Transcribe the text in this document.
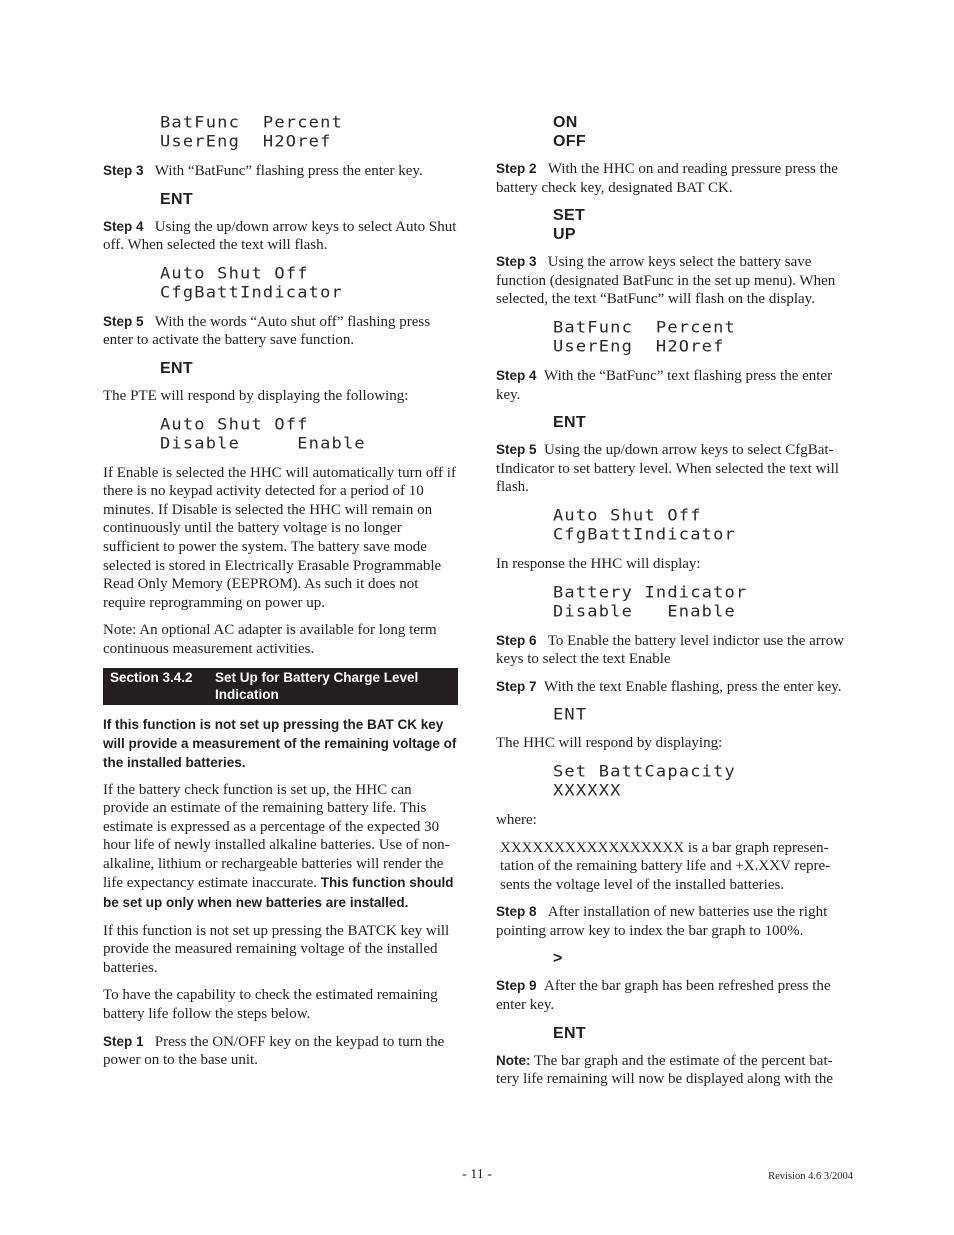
BatFunc  Percent
UserEng  H2Oref

Step 3 With “BatFunc” flashing press the enter key.

ENT

Step 4 Using the up/down arrow keys to select Auto Shut off. When selected the text will flash.

Auto Shut Off
CfgBattIndicator

Step 5 With the words “Auto shut off” flashing press enter to activate the battery save function.

ENT

The PTE will respond by displaying the following:

Auto Shut Off
Disable     Enable

If Enable is selected the HHC will automatically turn off if there is no keypad activity detected for a period of 10 minutes. If Disable is selected the HHC will remain on continuously until the battery voltage is no longer sufficient to power the system. The battery save mode selected is stored in Electrically Erasable Programmable Read Only Memory (EEPROM). As such it does not require reprogramming on power up.

Note: An optional AC adapter is available for long term continuous measurement activities.

Section 3.4.2	Set Up for Battery Charge Level Indication

If this function is not set up pressing the BAT CK key will provide a measurement of the remaining voltage of the installed batteries.

If the battery check function is set up, the HHC can provide an estimate of the remaining battery life. This estimate is expressed as a percentage of the expected 30 hour life of newly installed alkaline batteries. Use of non-alkaline, lithium or rechargeable batteries will render the life expectancy estimate inaccurate. This function should be set up only when new batteries are installed.

If this function is not set up pressing the BATCK key will provide the measured remaining voltage of the installed batteries.

To have the capability to check the estimated remaining battery life follow the steps below.

Step 1 Press the ON/OFF key on the keypad to turn the power on to the base unit.

ON
OFF

Step 2 With the HHC on and reading pressure press the battery check key, designated BAT CK.

SET
UP

Step 3 Using the arrow keys select the battery save function (designated BatFunc in the set up menu). When selected, the text “BatFunc” will flash on the display.

BatFunc  Percent
UserEng  H2Oref

Step 4 With the “BatFunc” text flashing press the enter key.

ENT

Step 5 Using the up/down arrow keys to select CfgBat-tIndicator to set battery level. When selected the text will flash.

Auto Shut Off
CfgBattIndicator

In response the HHC will display:

Battery Indicator
Disable   Enable

Step 6 To Enable the battery level indictor use the arrow keys to select the text Enable

Step 7 With the text Enable flashing, press the enter key.

ENT

The HHC will respond by displaying:

Set BattCapacity
XXXXXX

where:

XXXXXXXXXXXXXXXXX is a bar graph represen-tation of the remaining battery life and +X.XXV repre-sents the voltage level of the installed batteries.

Step 8 After installation of new batteries use the right pointing arrow key to index the bar graph to 100%.

>

Step 9 After the bar graph has been refreshed press the enter key.

ENT

Note: The bar graph and the estimate of the percent bat-tery life remaining will now be displayed along with the

- 11 -	Revision 4.6 3/2004
